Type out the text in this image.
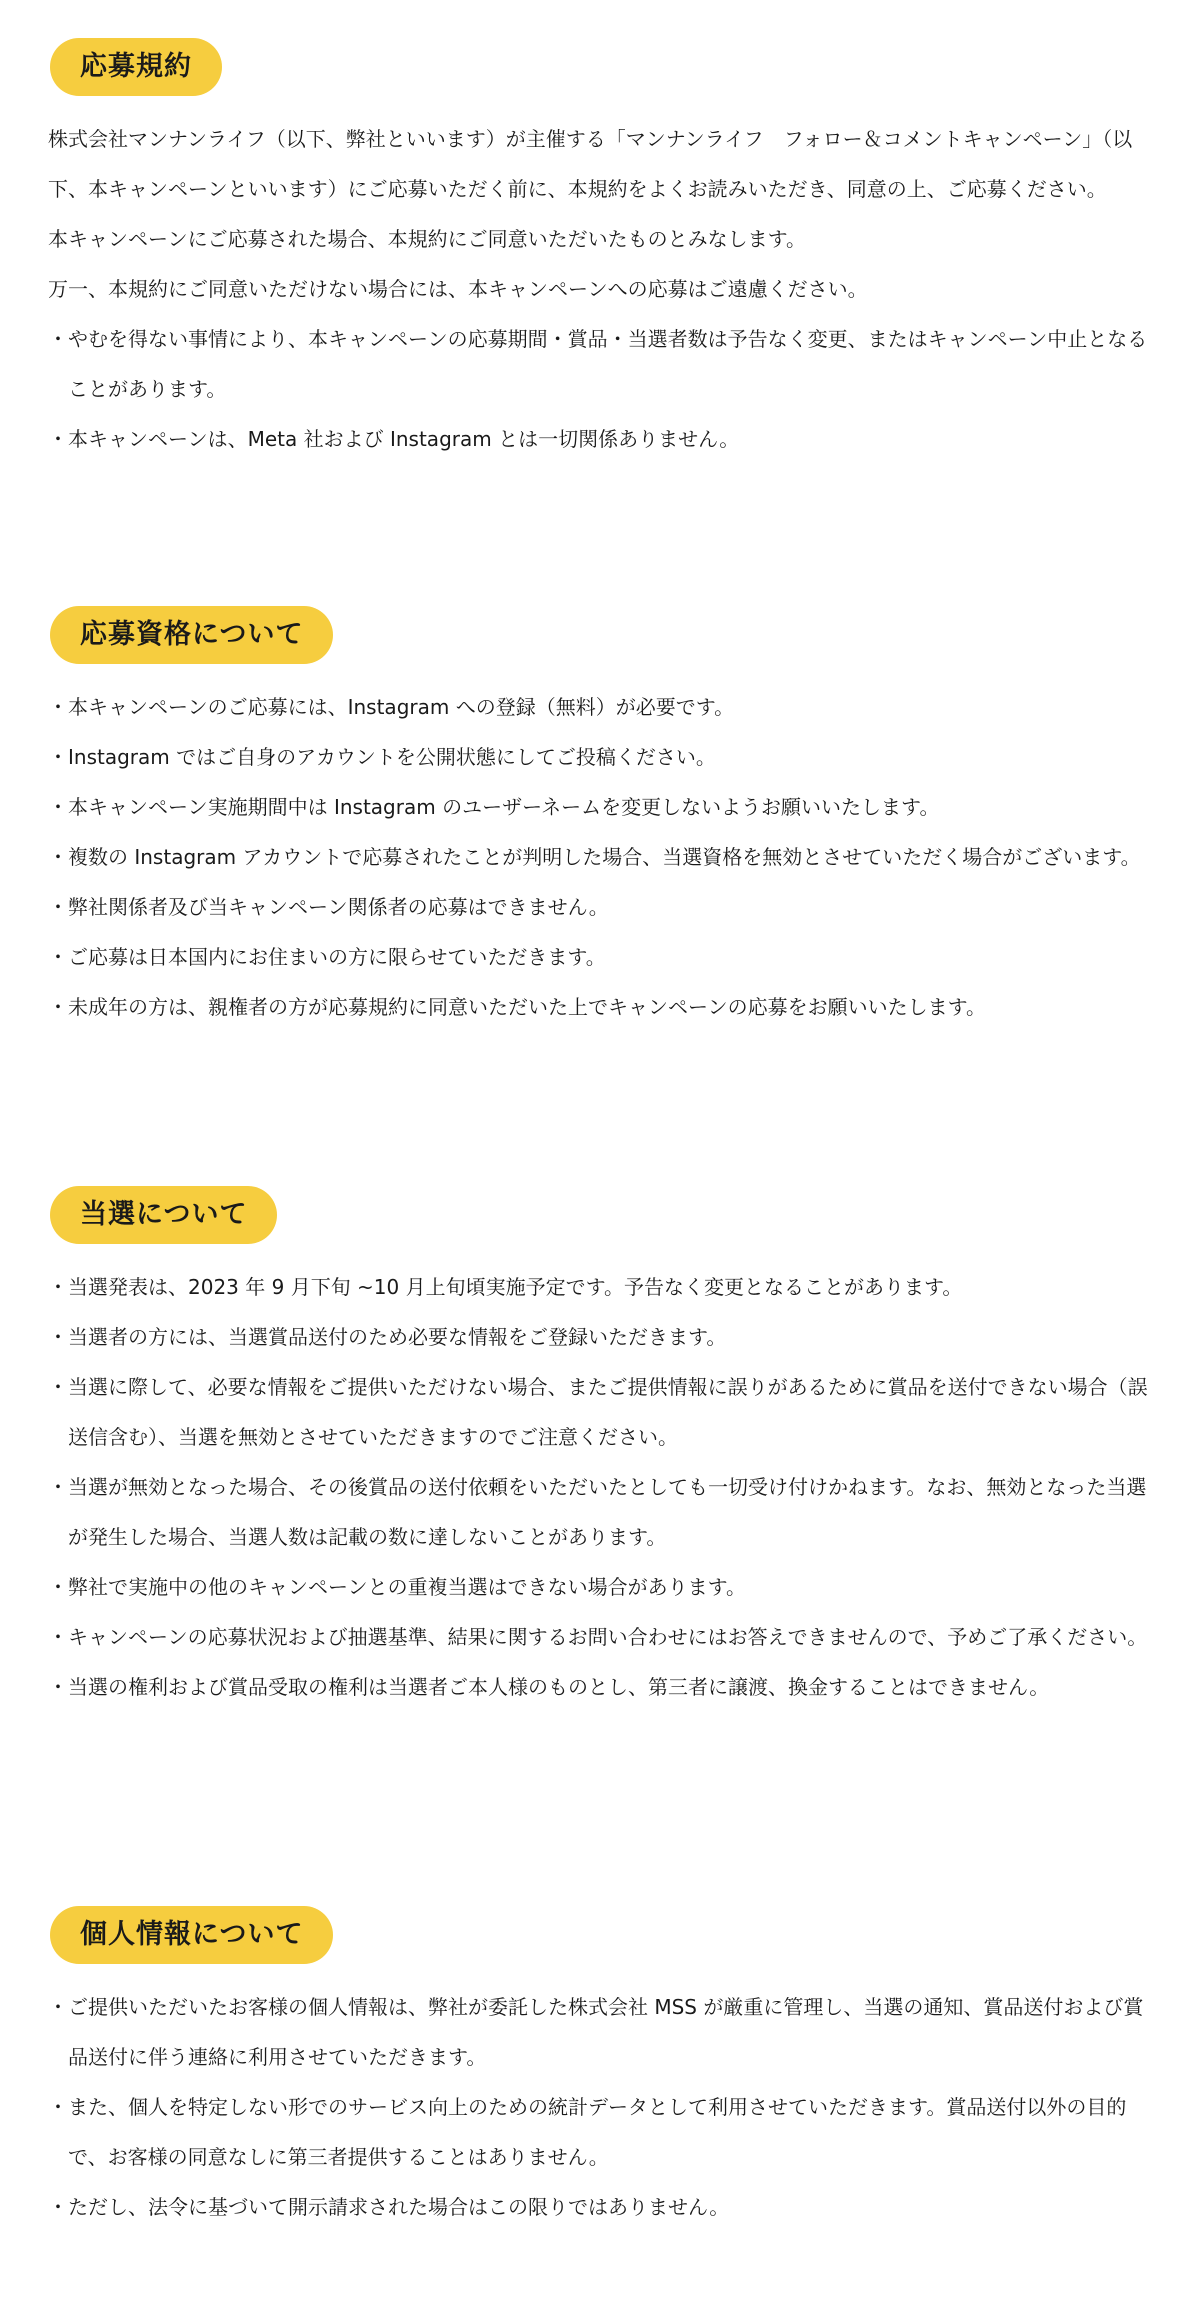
応募規約

株式会社マンナンライフ（以下、弊社といいます）が主催する「マンナンライフ　フォロー＆コメントキャンペーン」（以下、本キャンペーンといいます）にご応募いただく前に、本規約をよくお読みいただき、同意の上、ご応募ください。

本キャンペーンにご応募された場合、本規約にご同意いただいたものとみなします。

万一、本規約にご同意いただけない場合には、本キャンペーンへの応募はご遠慮ください。

・ やむを得ない事情により、本キャンペーンの応募期間・賞品・当選者数は予告なく変更、またはキャンペーン中止となることがあります。
・ 本キャンペーンは、Meta 社および Instagram とは一切関係ありません。
応募資格について
・ 本キャンペーンのご応募には、Instagram への登録（無料）が必要です。
・ Instagram ではご自身のアカウントを公開状態にしてご投稿ください。
・ 本キャンペーン実施期間中は Instagram のユーザーネームを変更しないようお願いいたします。
・ 複数の Instagram アカウントで応募されたことが判明した場合、当選資格を無効とさせていただく場合がございます。
・ 弊社関係者及び当キャンペーン関係者の応募はできません。
・ ご応募は日本国内にお住まいの方に限らせていただきます。
・ 未成年の方は、親権者の方が応募規約に同意いただいた上でキャンペーンの応募をお願いいたします。
当選について
・ 当選発表は、2023 年 9 月下旬 ~10 月上旬頃実施予定です。予告なく変更となることがあります。
・ 当選者の方には、当選賞品送付のため必要な情報をご登録いただきます。
・ 当選に際して、必要な情報をご提供いただけない場合、またご提供情報に誤りがあるために賞品を送付できない場合（誤送信含む）、当選を無効とさせていただきますのでご注意ください。
・ 当選が無効となった場合、その後賞品の送付依頼をいただいたとしても一切受け付けかねます。なお、無効となった当選が発生した場合、当選人数は記載の数に達しないことがあります。
・ 弊社で実施中の他のキャンペーンとの重複当選はできない場合があります。
・ キャンペーンの応募状況および抽選基準、結果に関するお問い合わせにはお答えできませんので、予めご了承ください。
・ 当選の権利および賞品受取の権利は当選者ご本人様のものとし、第三者に譲渡、換金することはできません。
個人情報について
・ ご提供いただいたお客様の個人情報は、弊社が委託した株式会社 MSS が厳重に管理し、当選の通知、賞品送付および賞品送付に伴う連絡に利用させていただきます。
・ また、個人を特定しない形でのサービス向上のための統計データとして利用させていただきます。賞品送付以外の目的で、お客様の同意なしに第三者提供することはありません。
・ ただし、法令に基づいて開示請求された場合はこの限りではありません。
